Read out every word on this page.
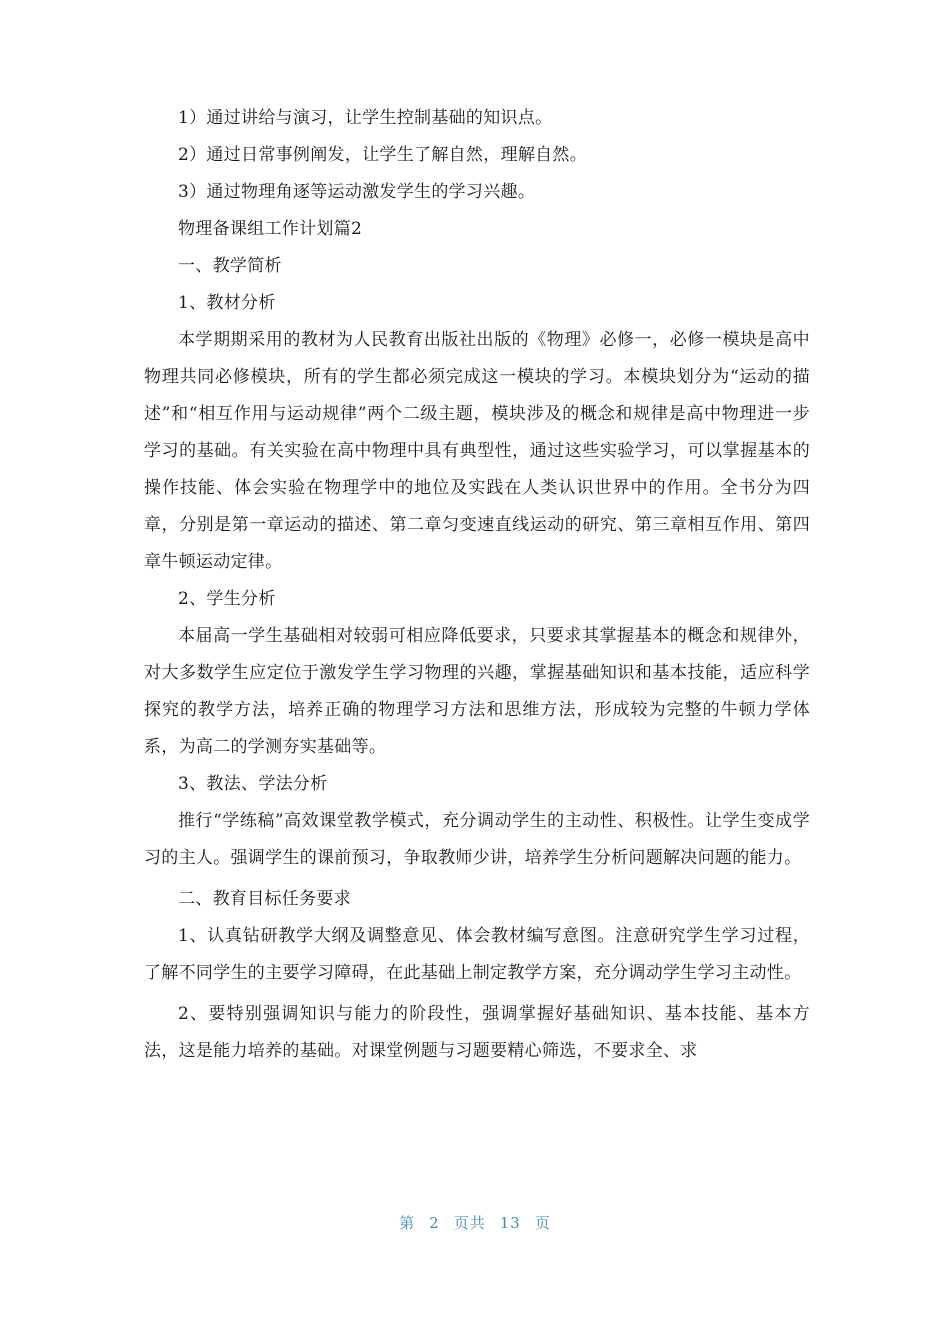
1）通过讲给与演习，让学生控制基础的知识点。

2）通过日常事例阐发，让学生了解自然，理解自然。

3）通过物理角逐等运动激发学生的学习兴趣。

物理备课组工作计划篇2

一、教学简析

1、教材分析

本学期期采用的教材为人民教育出版社出版的《物理》必修一，必修一模块是高中物理共同必修模块，所有的学生都必须完成这一模块的学习。本模块划分为“运动的描述”和“相互作用与运动规律”两个二级主题，模块涉及的概念和规律是高中物理进一步学习的基础。有关实验在高中物理中具有典型性，通过这些实验学习，可以掌握基本的操作技能、体会实验在物理学中的地位及实践在人类认识世界中的作用。全书分为四章，分别是第一章运动的描述、第二章匀变速直线运动的研究、第三章相互作用、第四章牛顿运动定律。

2、学生分析

本届高一学生基础相对较弱可相应降低要求，只要求其掌握基本的概念和规律外，对大多数学生应定位于激发学生学习物理的兴趣，掌握基础知识和基本技能，适应科学探究的教学方法，培养正确的物理学习方法和思维方法，形成较为完整的牛顿力学体系，为高二的学测夯实基础等。

3、教法、学法分析

推行“学练稿”高效课堂教学模式，充分调动学生的主动性、积极性。让学生变成学习的主人。强调学生的课前预习，争取教师少讲，培养学生分析问题解决问题的能力。

二、教育目标任务要求

1、认真钻研教学大纲及调整意见、体会教材编写意图。注意研究学生学习过程，了解不同学生的主要学习障碍，在此基础上制定教学方案，充分调动学生学习主动性。

2、要特别强调知识与能力的阶段性，强调掌握好基础知识、基本技能、基本方法，这是能力培养的基础。对课堂例题与习题要精心筛选，不要求全、求

第 2 页共 13 页
